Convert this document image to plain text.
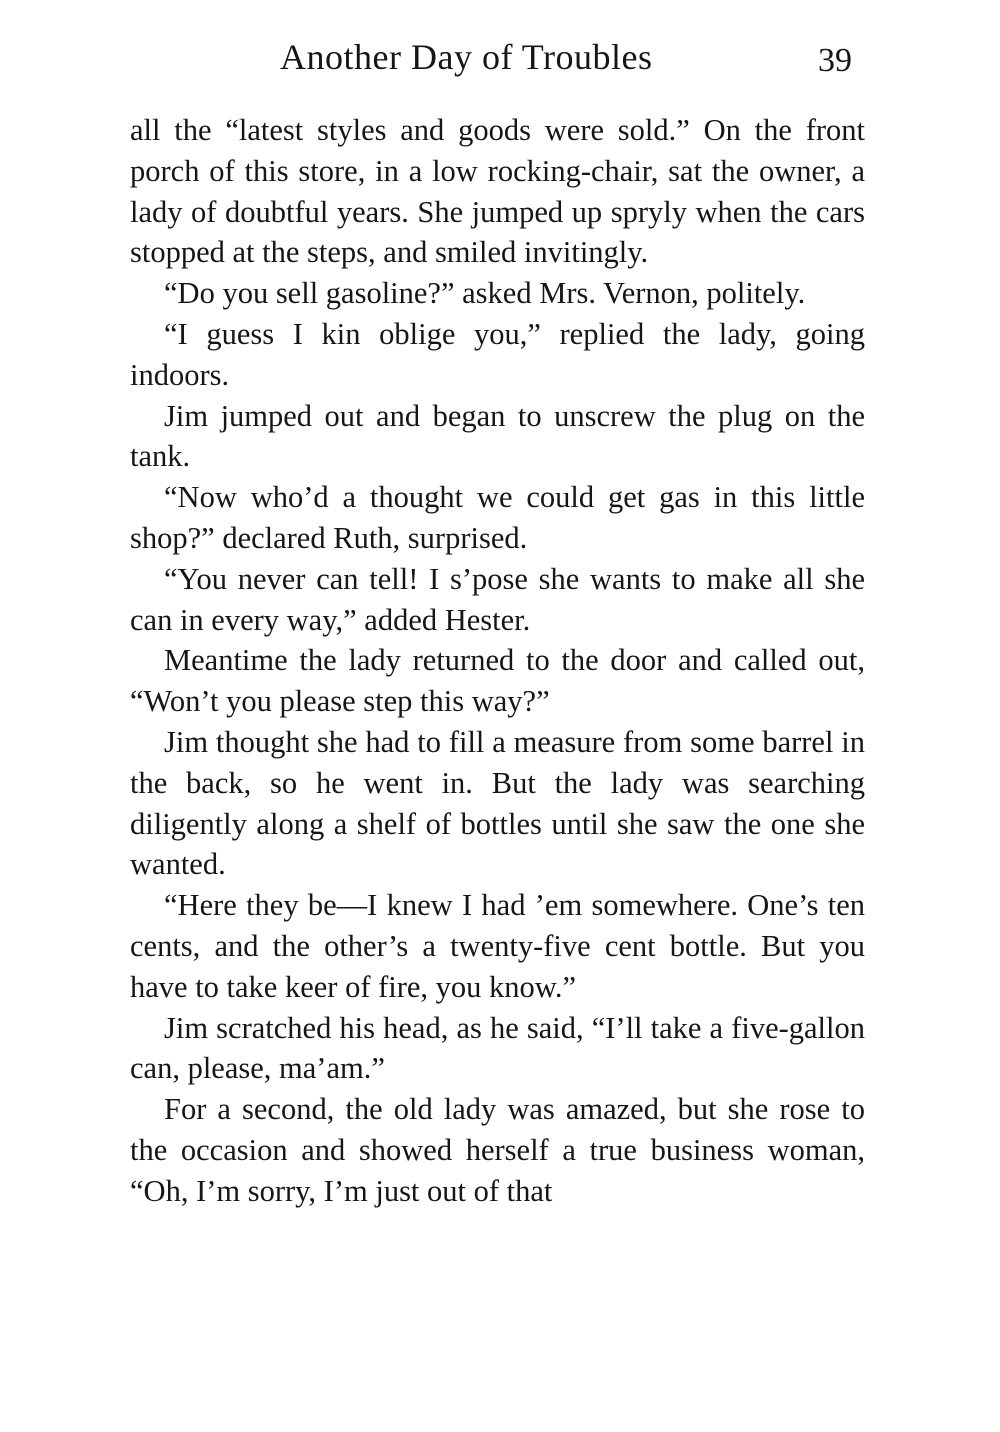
Another Day of Troubles	39

all the “latest styles and goods were sold.” On the front porch of this store, in a low rocking-chair, sat the owner, a lady of doubtful years. She jumped up spryly when the cars stopped at the steps, and smiled invitingly.

“Do you sell gasoline?” asked Mrs. Vernon, politely.

“I guess I kin oblige you,” replied the lady, going indoors.

Jim jumped out and began to unscrew the plug on the tank.

“Now who’d a thought we could get gas in this little shop?” declared Ruth, surprised.

“You never can tell! I s’pose she wants to make all she can in every way,” added Hester.

Meantime the lady returned to the door and called out, “Won’t you please step this way?”

Jim thought she had to fill a measure from some barrel in the back, so he went in. But the lady was searching diligently along a shelf of bottles until she saw the one she wanted.

“Here they be—I knew I had ’em somewhere. One’s ten cents, and the other’s a twenty-five cent bottle. But you have to take keer of fire, you know.”

Jim scratched his head, as he said, “I’ll take a five-gallon can, please, ma’am.”

For a second, the old lady was amazed, but she rose to the occasion and showed herself a true business woman, “Oh, I’m sorry, I’m just out of that
